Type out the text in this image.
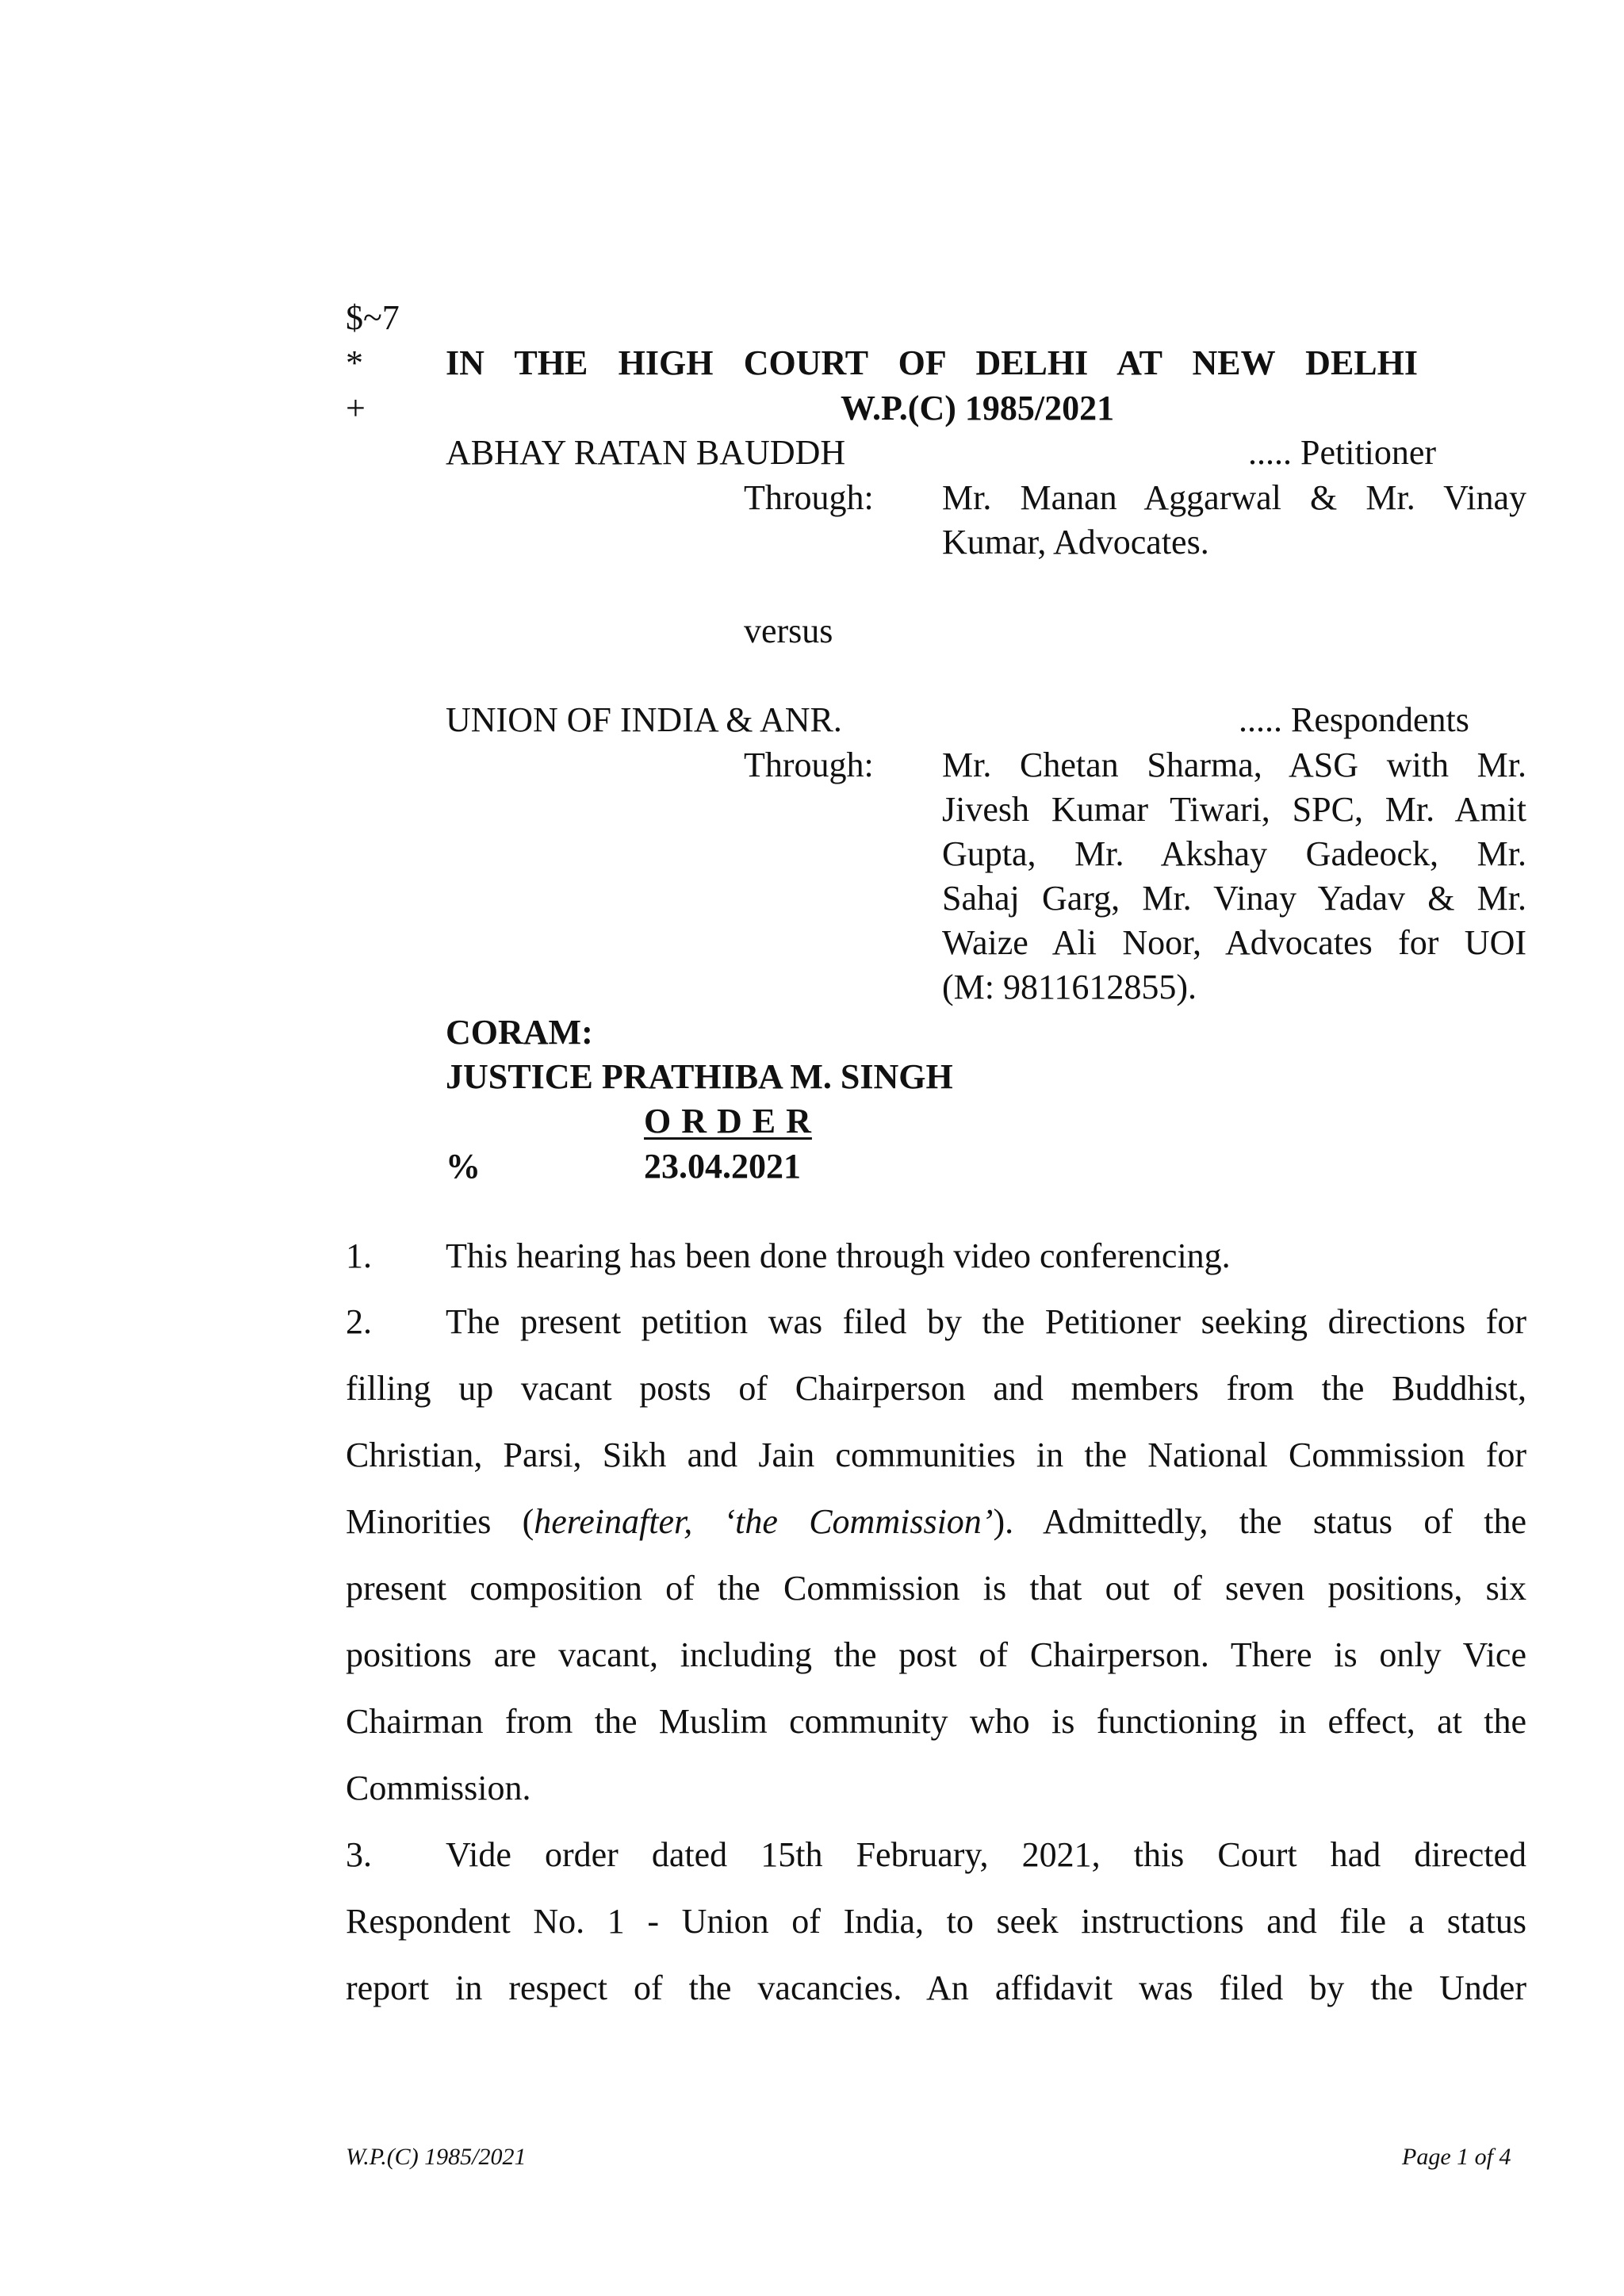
$~7
* IN THE HIGH COURT OF DELHI AT NEW DELHI
+	W.P.(C) 1985/2021
ABHAY RATAN BAUDDH	..... Petitioner
Through: Mr. Manan Aggarwal & Mr. Vinay
Kumar, Advocates.
versus
UNION OF INDIA & ANR.	..... Respondents
Through: Mr. Chetan Sharma, ASG with Mr.
Jivesh Kumar Tiwari, SPC, Mr. Amit
Gupta, Mr. Akshay Gadeock, Mr.
Sahaj Garg, Mr. Vinay Yadav & Mr.
Waize Ali Noor, Advocates for UOI
(M: 9811612855).
CORAM:
JUSTICE PRATHIBA M. SINGH
O R D E R
%	23.04.2021
1. This hearing has been done through video conferencing.
2. The present petition was filed by the Petitioner seeking directions for
filling up vacant posts of Chairperson and members from the Buddhist,
Christian, Parsi, Sikh and Jain communities in the National Commission for
Minorities (hereinafter, ‘the Commission’). Admittedly, the status of the
present composition of the Commission is that out of seven positions, six
positions are vacant, including the post of Chairperson. There is only Vice
Chairman from the Muslim community who is functioning in effect, at the
Commission.
3. Vide order dated 15th February, 2021, this Court had directed
Respondent No. 1 - Union of India, to seek instructions and file a status
report in respect of the vacancies. An affidavit was filed by the Under
W.P.(C) 1985/2021	Page 1 of 4
